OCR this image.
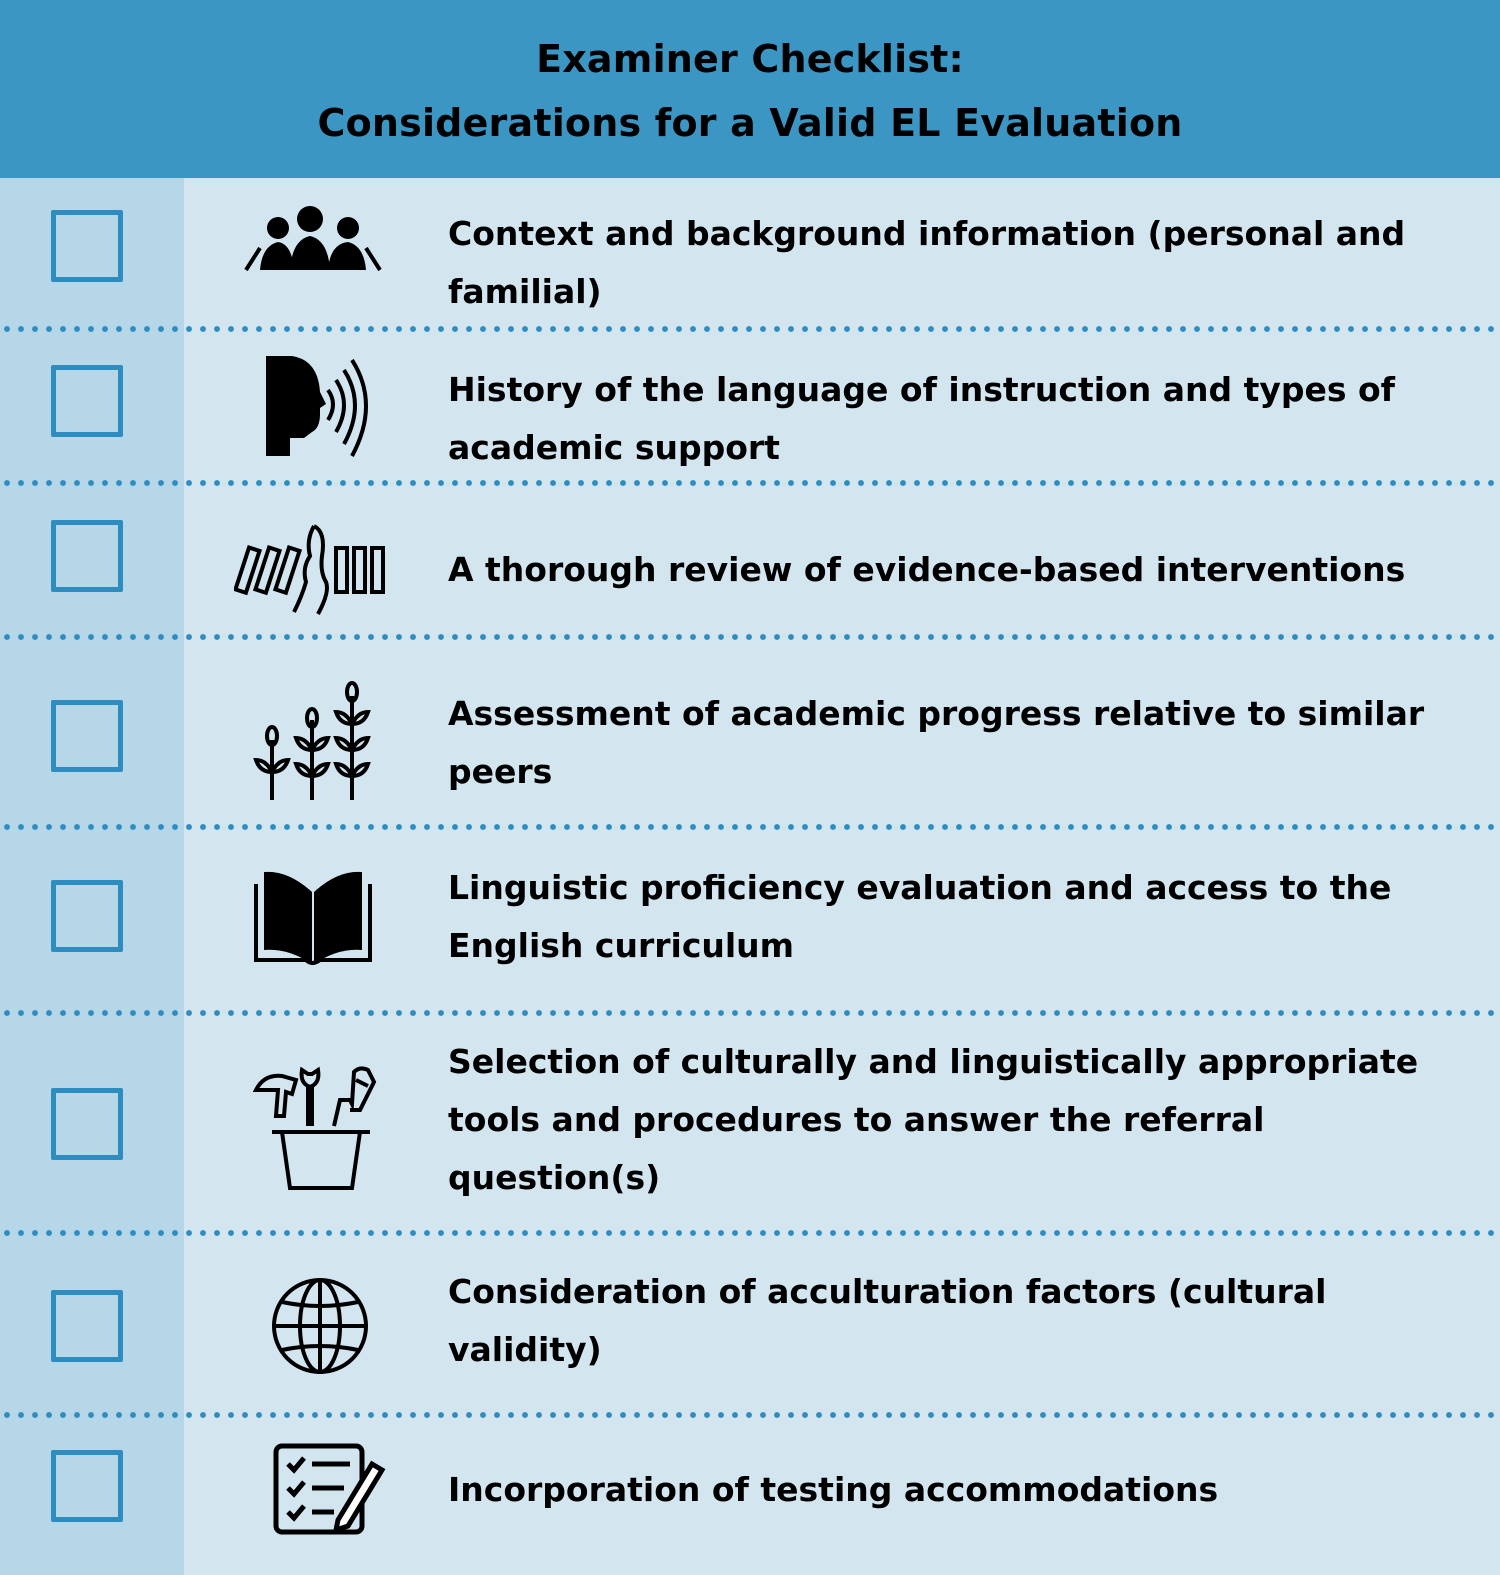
Examiner Checklist:
Considerations for a Valid EL Evaluation

Context and background information (personal and familial)

History of the language of instruction and types of academic support

A thorough review of evidence-based interventions

Assessment of academic progress relative to similar peers

Linguistic proficiency evaluation and access to the English curriculum

Selection of culturally and linguistically appropriate tools and procedures to answer the referral question(s)

Consideration of acculturation factors (cultural validity)

Incorporation of testing accommodations
